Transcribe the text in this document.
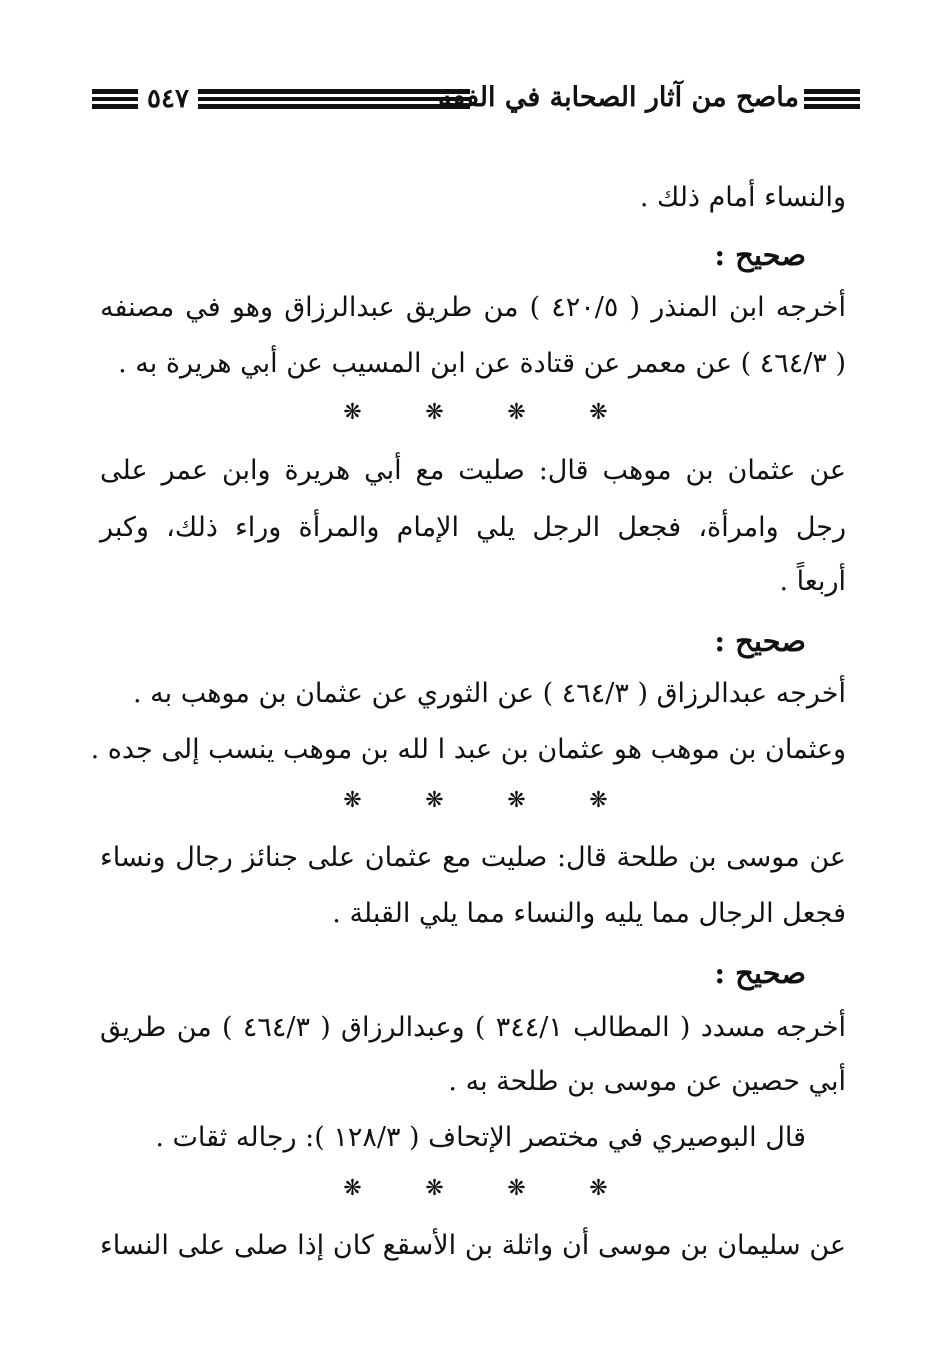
٥٤٧	ماصح من آثار الصحابة في الفقه
والنساء أمام ذلك .
صحيح :
أخرجه ابن المنذر ( ٤٢٠/٥ ) من طريق عبدالرزاق وهو في مصنفه
( ٤٦٤/٣ ) عن معمر عن قتادة عن ابن المسيب عن أبي هريرة به .
❋	❋	❋	❋
عن عثمان بن موهب قال: صليت مع أبي هريرة وابن عمر على
رجل وامرأة، فجعل الرجل يلي الإمام والمرأة وراء ذلك، وكبر
أربعاً .
صحيح :
أخرجه عبدالرزاق ( ٤٦٤/٣ ) عن الثوري عن عثمان بن موهب به .
وعثمان بن موهب هو عثمان بن عبد ا لله بن موهب ينسب إلى جده .
❋	❋	❋	❋
عن موسى بن طلحة قال: صليت مع عثمان على جنائز رجال ونساء
فجعل الرجال مما يليه والنساء مما يلي القبلة .
صحيح :
أخرجه مسدد ( المطالب ٣٤٤/١ ) وعبدالرزاق ( ٤٦٤/٣ ) من طريق
أبي حصين عن موسى بن طلحة به .
قال البوصيري في مختصر الإتحاف ( ١٢٨/٣ ): رجاله ثقات .
❋	❋	❋	❋
عن سليمان بن موسى أن واثلة بن الأسقع كان إذا صلى على النساء
